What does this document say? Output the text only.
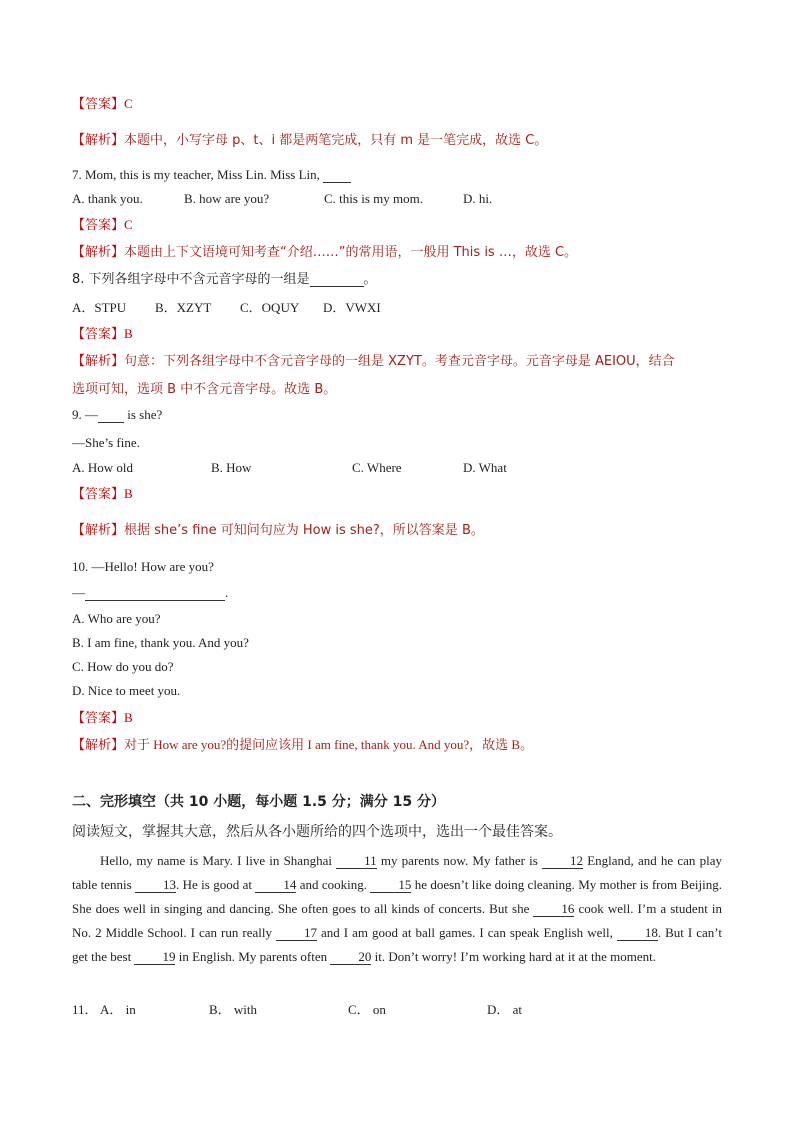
【答案】C
【解析】本题中，小写字母 p、t、i 都是两笔完成，只有 m 是一笔完成，故选 C。
7. Mom, this is my teacher, Miss Lin. Miss Lin,
A. thank you.	B. how are you?	C. this is my mom.	D. hi.
【答案】C
【解析】本题由上下文语境可知考查“介绍……”的常用语，一般用 This is …，故选 C。
8. 下列各组字母中不含元音字母的一组是	。
A．STPU B．XZYT C．OQUY D．VWXI
【答案】B
【解析】句意：下列各组字母中不含元音字母的一组是 XZYT。考查元音字母。元音字母是 AEIOU，结合
选项可知，选项 B 中不含元音字母。故选 B。
9. —  is she?
—She’s fine.
A. How old	B. How	C. Where	D. What
【答案】B
【解析】根据 she’s fine 可知问句应为 How is she?，所以答案是 B。
10. —Hello! How are you?
—	.
A. Who are you?
B. I am fine, thank you. And you?
C. How do you do?
D. Nice to meet you.
【答案】B
【解析】对于 How are you?的提问应该用 I am fine, thank you. And you?，故选 B。
二、完形填空（共 10 小题，每小题 1.5 分；满分 15 分）
阅读短文，掌握其大意，然后从各小题所给的四个选项中，选出一个最佳答案。

Hello, my name is Mary. I live in Shanghai 11 my parents now. My father is 12 England, and he can play table tennis 13. He is good at 14 and cooking. 15 he doesn’t like doing cleaning. My mother is from Beijing. She does well in singing and dancing. She often goes to all kinds of concerts. But she 16 cook well. I’m a student in No. 2 Middle School. I can run really 17 and I am good at ball games. I can speak English well, 18. But I can’t get the best 19 in English. My parents often 20 it. Don’t worry! I’m working hard at it at the moment.

11． A． in	B． with	C． on	D． at
